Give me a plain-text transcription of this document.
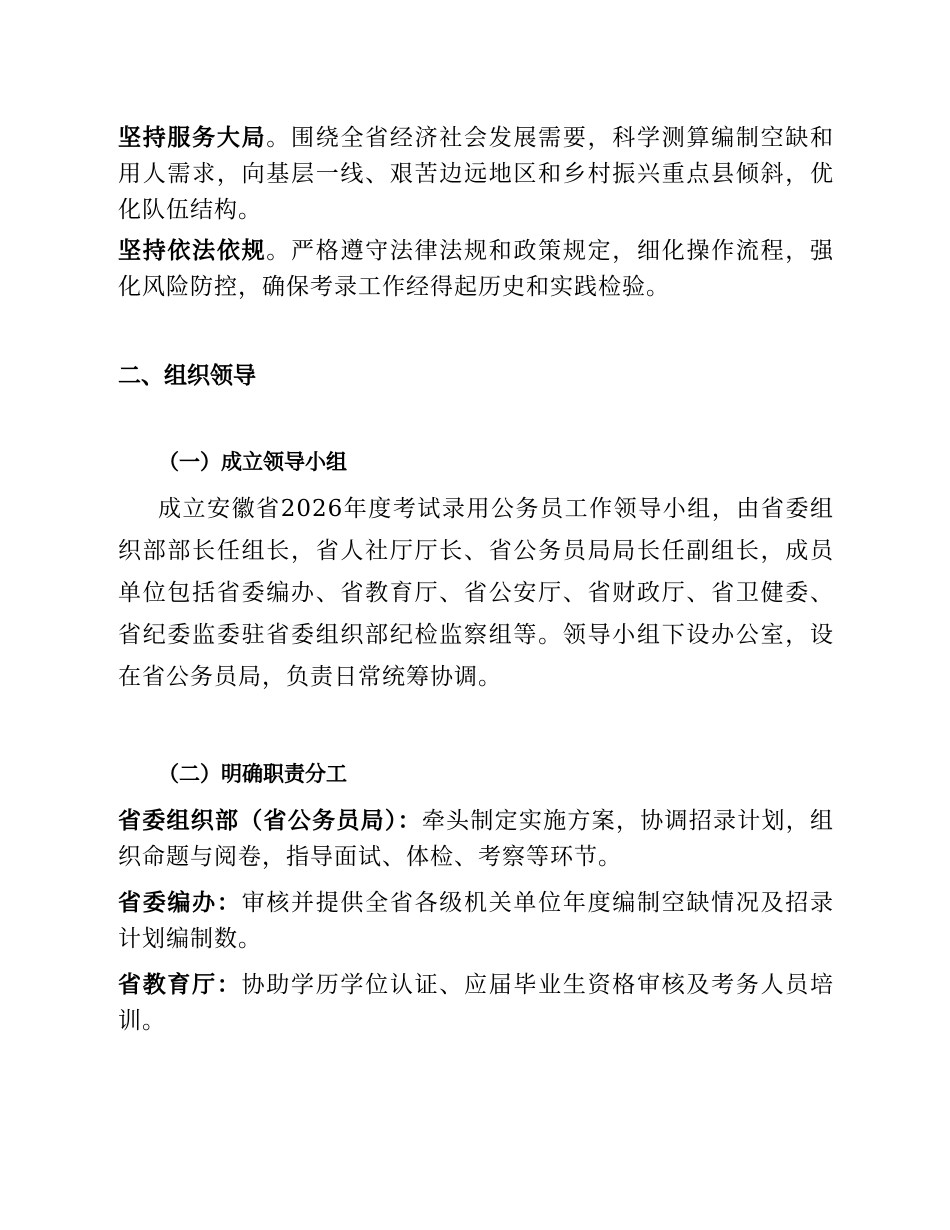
坚持服务大局。围绕全省经济社会发展需要，科学测算编制空缺和用人需求，向基层一线、艰苦边远地区和乡村振兴重点县倾斜，优化队伍结构。

坚持依法依规。严格遵守法律法规和政策规定，细化操作流程，强化风险防控，确保考录工作经得起历史和实践检验。

二、组织领导
（一）成立领导小组

成立安徽省2026年度考试录用公务员工作领导小组，由省委组织部部长任组长，省人社厅厅长、省公务员局局长任副组长，成员单位包括省委编办、省教育厅、省公安厅、省财政厅、省卫健委、省纪委监委驻省委组织部纪检监察组等。领导小组下设办公室，设在省公务员局，负责日常统筹协调。

（二）明确职责分工

省委组织部（省公务员局）：牵头制定实施方案，协调招录计划，组织命题与阅卷，指导面试、体检、考察等环节。

省委编办：审核并提供全省各级机关单位年度编制空缺情况及招录计划编制数。

省教育厅：协助学历学位认证、应届毕业生资格审核及考务人员培训。
